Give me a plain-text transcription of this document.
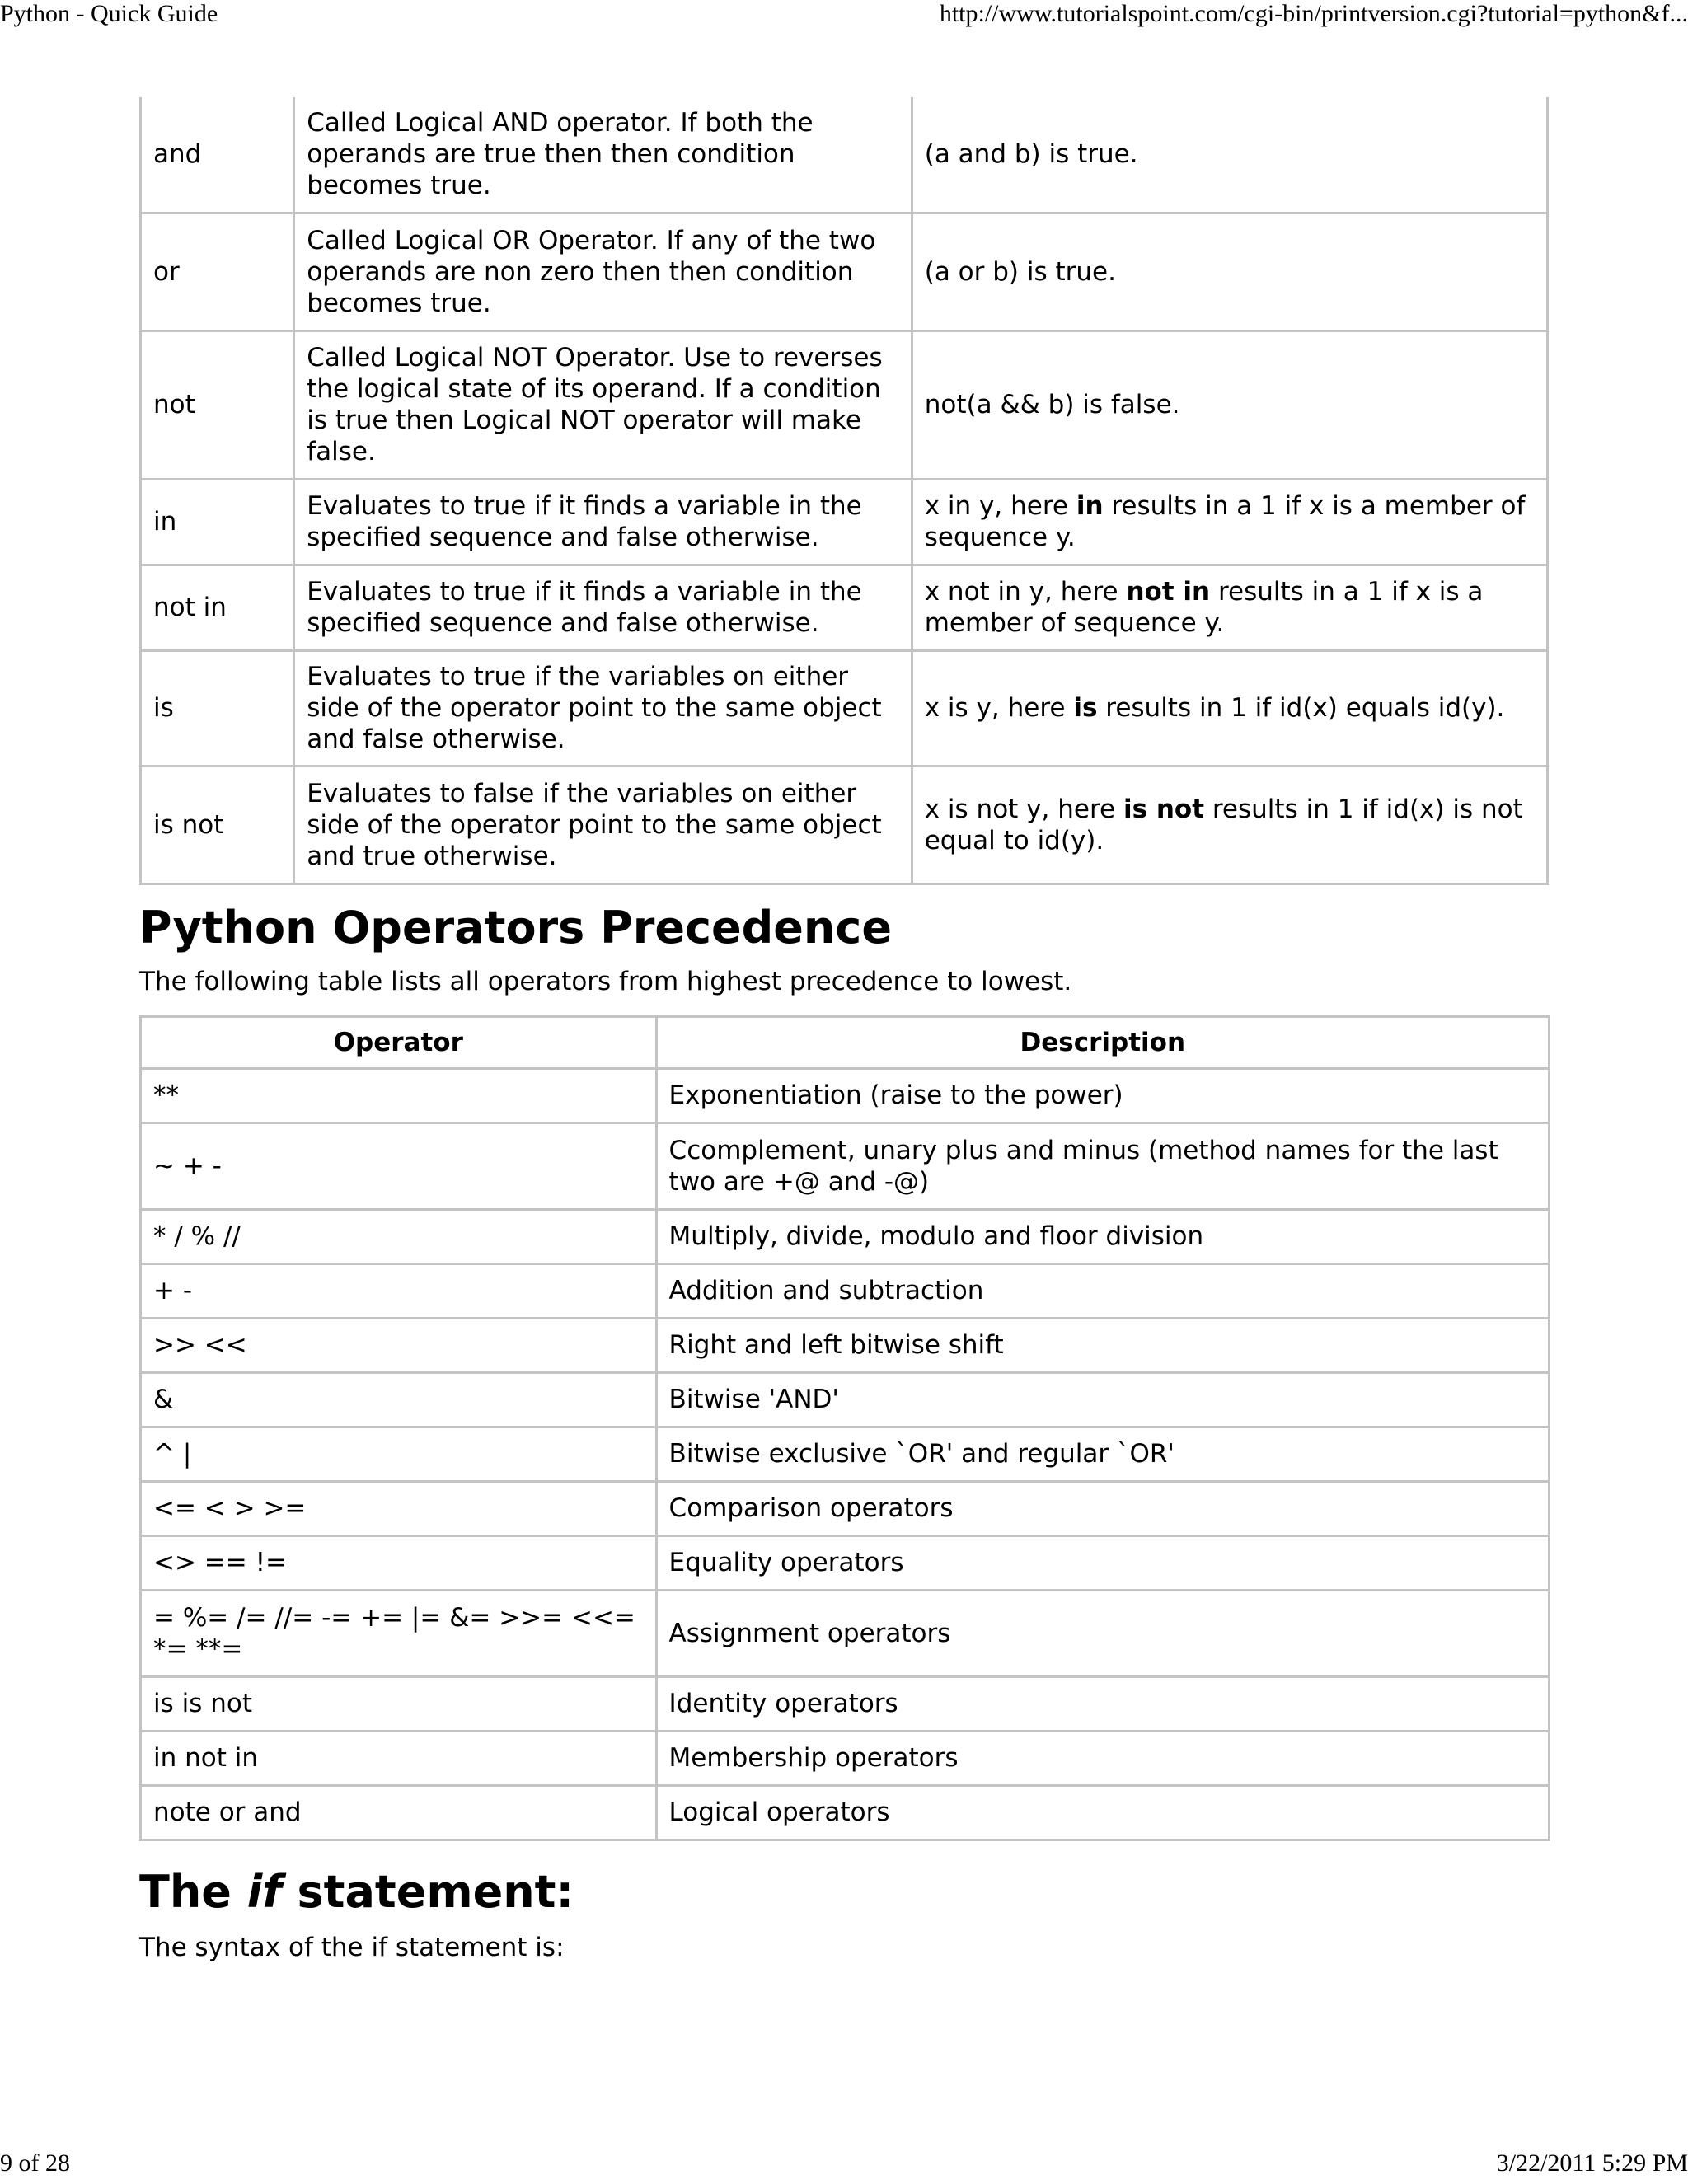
Python - Quick Guide	http://www.tutorialspoint.com/cgi-bin/printversion.cgi?tutorial=python&f...
and	Called Logical AND operator. If both the operands are true then then condition becomes true.	(a and b) is true.
or	Called Logical OR Operator. If any of the two operands are non zero then then condition becomes true.	(a or b) is true.
not	Called Logical NOT Operator. Use to reverses the logical state of its operand. If a condition is true then Logical NOT operator will make false.	not(a && b) is false.
in	Evaluates to true if it finds a variable in the specified sequence and false otherwise.	x in y, here in results in a 1 if x is a member of sequence y.
not in	Evaluates to true if it finds a variable in the specified sequence and false otherwise.	x not in y, here not in results in a 1 if x is a member of sequence y.
is	Evaluates to true if the variables on either side of the operator point to the same object and false otherwise.	x is y, here is results in 1 if id(x) equals id(y).
is not	Evaluates to false if the variables on either side of the operator point to the same object and true otherwise.	x is not y, here is not results in 1 if id(x) is not equal to id(y).
Python Operators Precedence

The following table lists all operators from highest precedence to lowest.

Operator	Description
**	Exponentiation (raise to the power)
~ + -	Ccomplement, unary plus and minus (method names for the last two are +@ and -@)
* / % //	Multiply, divide, modulo and floor division
+ -	Addition and subtraction
>> <<	Right and left bitwise shift
&	Bitwise 'AND'
^ |	Bitwise exclusive `OR' and regular `OR'
<= < > >=	Comparison operators
<> == !=	Equality operators
= %= /= //= -= += |= &= >>= <<= *= **=	Assignment operators
is is not	Identity operators
in not in	Membership operators
note or and	Logical operators
The if statement:

The syntax of the if statement is:

9 of 28	3/22/2011 5:29 PM
